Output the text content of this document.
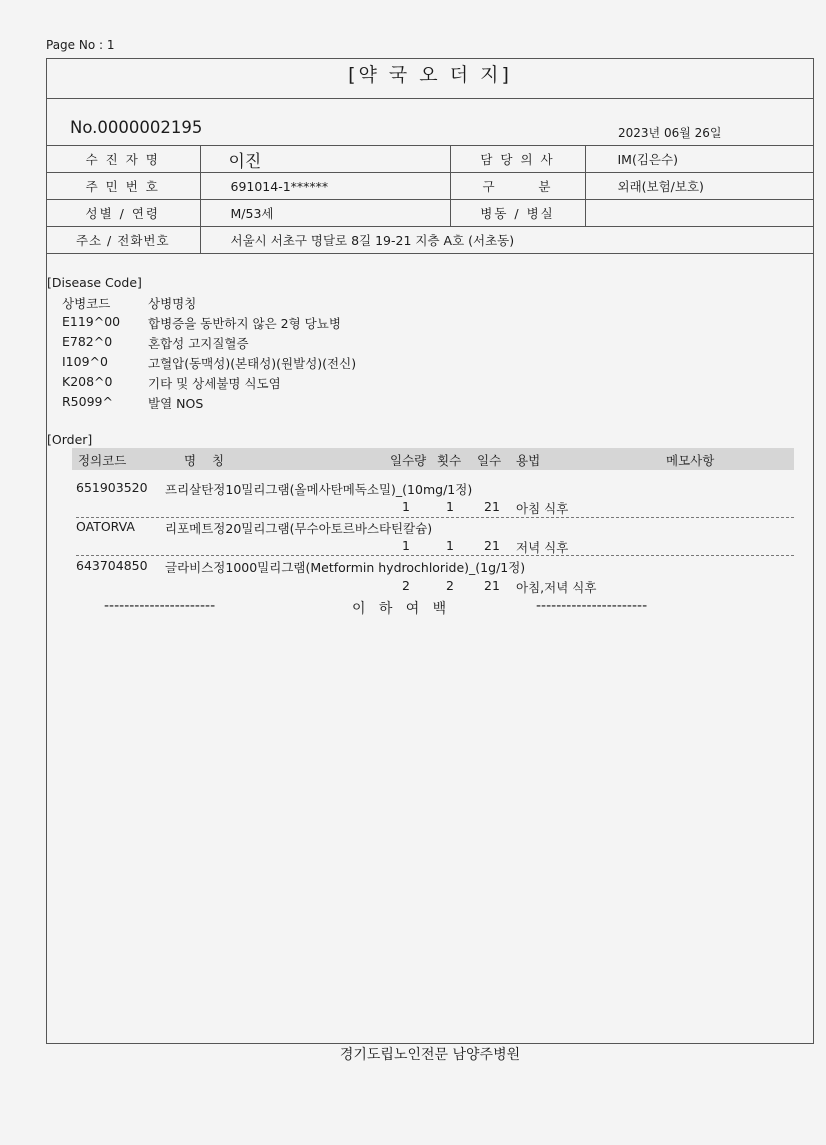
Page No : 1
[약 국 오 더 지]
No.0000002195	2023년 06월 26일
수 진 자 명	이진	담 당 의 사	IM(김은수)
주 민 번 호	691014-1******	구       분	외래(보험/보호)
성별 / 연령	M/53세	병동 / 병실	
주소 / 전화번호	서울시 서초구 명달로 8길 19-21 지층 A호 (서초동)		
[Disease Code]
상병코드	상병명칭
E119^00 합병증을 동반하지 않은 2형 당뇨병
E782^0	혼합성 고지질혈증
I109^0	고혈압(동맥성)(본태성)(원발성)(전신)
K208^0	기타 및 상세불명 식도염
R5099^	발열 NOS
[Order]
정의코드	명    칭	일수량 횟수 일수 용법	메모사항
651903520 프리살탄정10밀리그램(올메사탄메독소밀)_(10mg/1정)
1	1 21 아침 식후
OATORVA 리포메트정20밀리그램(무수아토르바스타틴칼슘)
1	1 21 저녁 식후
643704850 글라비스정1000밀리그램(Metformin hydrochloride)_(1g/1정)
2	2 21 아침,저녁 식후
----------------------	이   하   여   백	----------------------
경기도립노인전문 남양주병원
